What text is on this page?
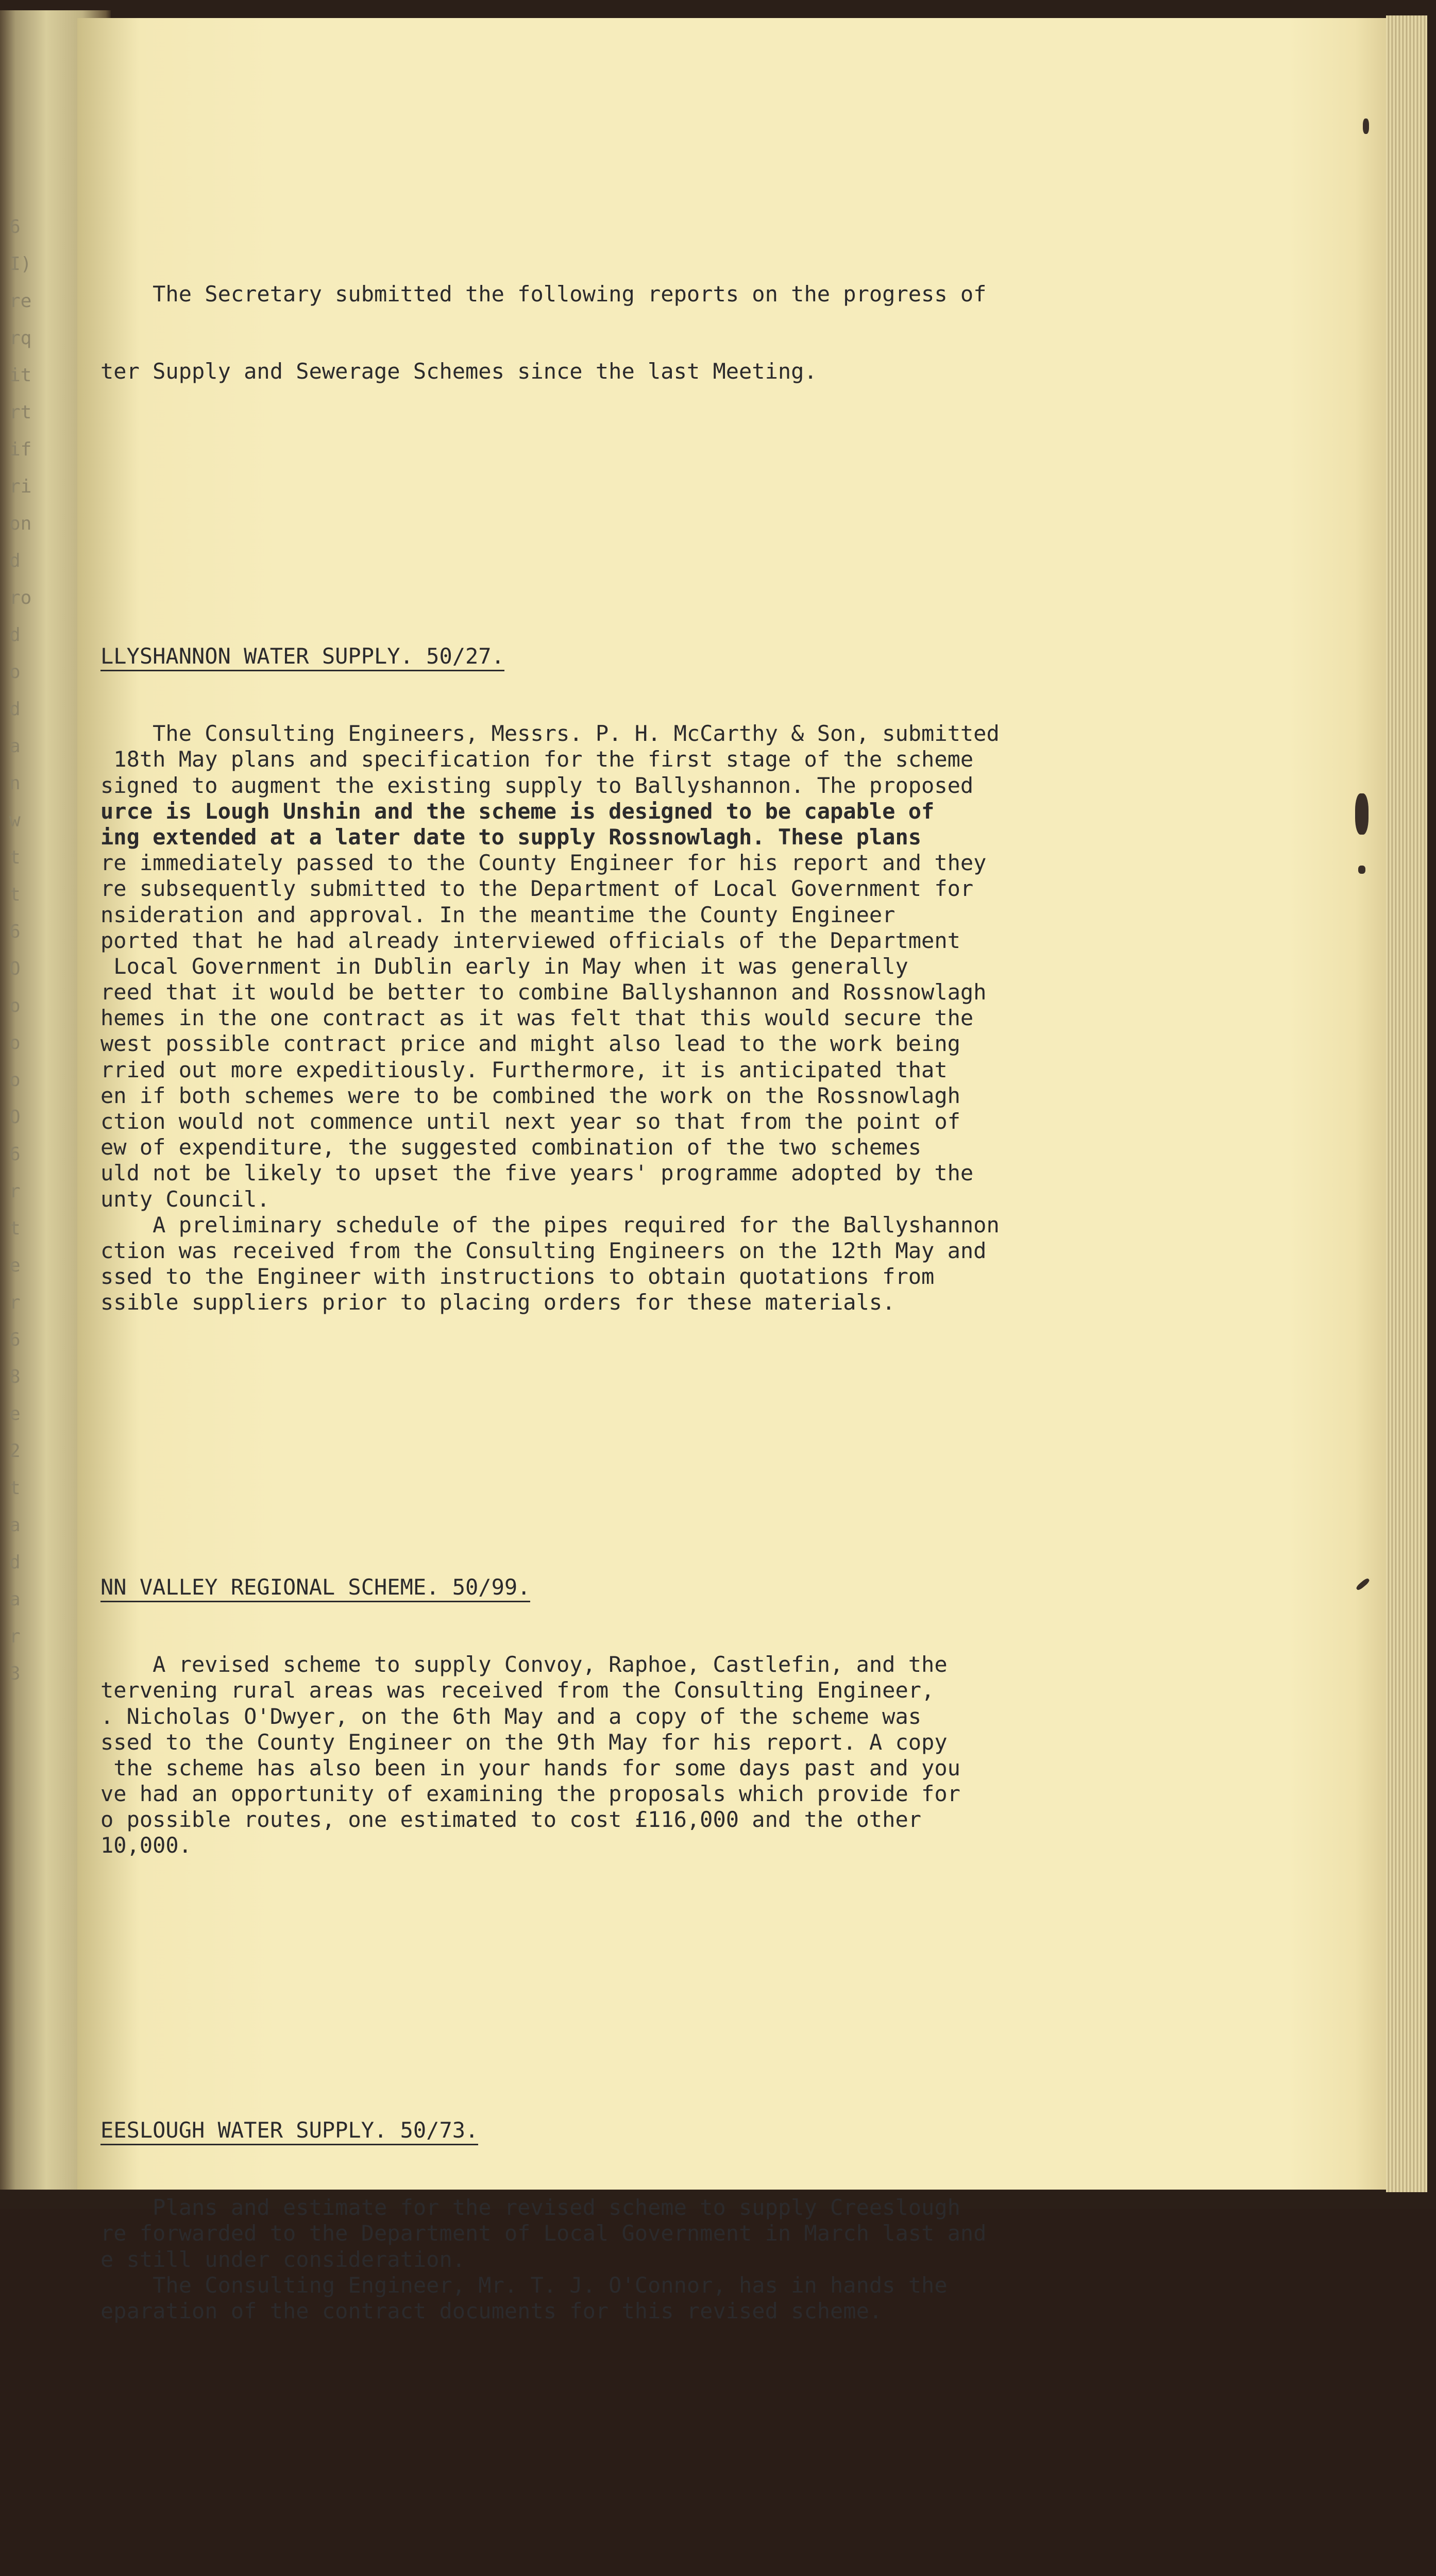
6
I)
re
rq
it
rt
if
ri
on
d
ro
d
o
d
a
n
w
t
t
6
O
o
o
o
O
6
r
t
e
r
6
8
e
2
t
a
d
a
r
3

The Secretary submitted the following reports on the progress of

ter Supply and Sewerage Schemes since the last Meeting.

LLYSHANNON WATER SUPPLY. 50/27.

The Consulting Engineers, Messrs. P. H. McCarthy & Son, submitted
18th May plans and specification for the first stage of the scheme
signed to augment the existing supply to Ballyshannon. The proposed
urce is Lough Unshin and the scheme is designed to be capable of
ing extended at a later date to supply Rossnowlagh. These plans
re immediately passed to the County Engineer for his report and they
re subsequently submitted to the Department of Local Government for
nsideration and approval. In the meantime the County Engineer
ported that he had already interviewed officials of the Department
Local Government in Dublin early in May when it was generally
reed that it would be better to combine Ballyshannon and Rossnowlagh
hemes in the one contract as it was felt that this would secure the
west possible contract price and might also lead to the work being
rried out more expeditiously. Furthermore, it is anticipated that
en if both schemes were to be combined the work on the Rossnowlagh
ction would not commence until next year so that from the point of
ew of expenditure, the suggested combination of the two schemes
uld not be likely to upset the five years' programme adopted by the
unty Council.
A preliminary schedule of the pipes required for the Ballyshannon
ction was received from the Consulting Engineers on the 12th May and
ssed to the Engineer with instructions to obtain quotations from
ssible suppliers prior to placing orders for these materials.

NN VALLEY REGIONAL SCHEME. 50/99.

A revised scheme to supply Convoy, Raphoe, Castlefin, and the
tervening rural areas was received from the Consulting Engineer,
. Nicholas O'Dwyer, on the 6th May and a copy of the scheme was
ssed to the County Engineer on the 9th May for his report. A copy
the scheme has also been in your hands for some days past and you
ve had an opportunity of examining the proposals which provide for
o possible routes, one estimated to cost £116,000 and the other
10,000.

EESLOUGH WATER SUPPLY. 50/73.

Plans and estimate for the revised scheme to supply Creeslough
re forwarded to the Department of Local Government in March last and
e still under consideration.
The Consulting Engineer, Mr. T. J. O'Connor, has in hands the
eparation of the contract documents for this revised scheme.
